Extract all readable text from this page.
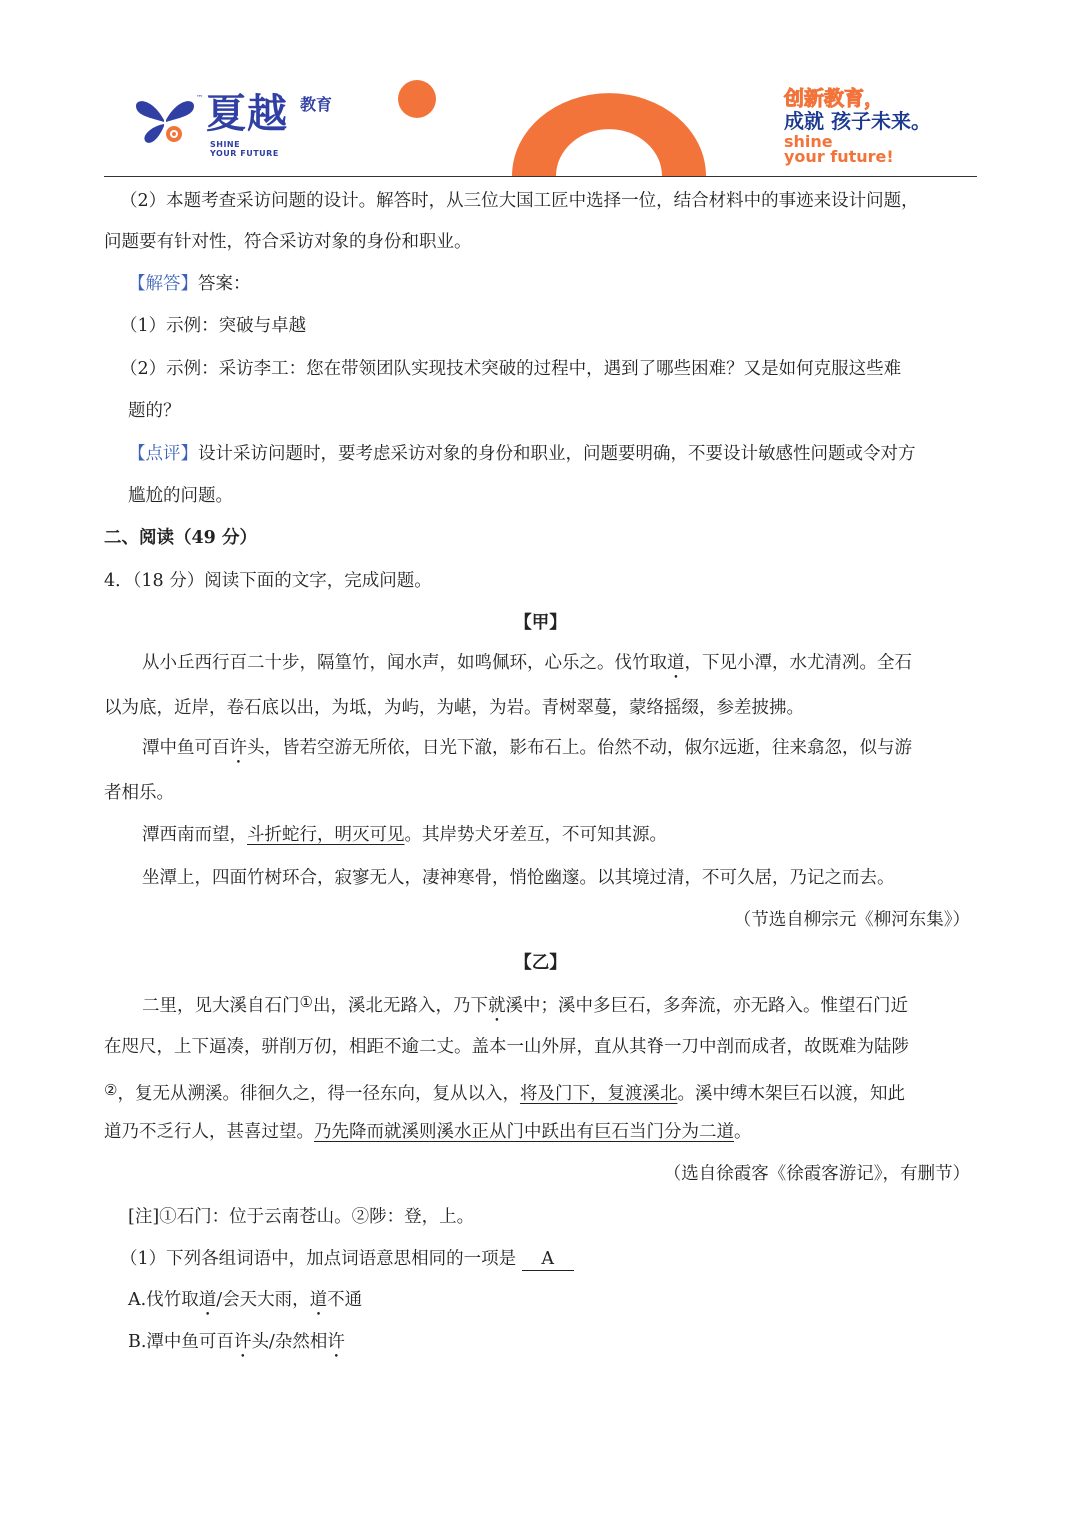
™ 夏越 教育
SHINE
YOUR FUTURE
创新教育，
成就 孩子未来。
shine
your future!
（2）本题考查采访问题的设计。解答时，从三位大国工匠中选择一位，结合材料中的事迹来设计问题，
问题要有针对性，符合采访对象的身份和职业。
【解答】答案：
（1）示例：突破与卓越
（2）示例：采访李工：您在带领团队实现技术突破的过程中，遇到了哪些困难？又是如何克服这些难
题的？
【点评】设计采访问题时，要考虑采访对象的身份和职业，问题要明确，不要设计敏感性问题或令对方
尴尬的问题。
二、阅读（49 分）
4．（18 分）阅读下面的文字，完成问题。
【甲】
从小丘西行百二十步，隔篁竹，闻水声，如鸣佩环，心乐之。伐竹取道，下见小潭，水尤清冽。全石
以为底，近岸，卷石底以出，为坻，为屿，为嵁，为岩。青树翠蔓，蒙络摇缀，参差披拂。
潭中鱼可百许头，皆若空游无所依，日光下澈，影布石上。佁然不动，俶尔远逝，往来翕忽，似与游
者相乐。
潭西南而望，斗折蛇行，明灭可见。其岸势犬牙差互，不可知其源。
坐潭上，四面竹树环合，寂寥无人，凄神寒骨，悄怆幽邃。以其境过清，不可久居，乃记之而去。
（节选自柳宗元《柳河东集》）
【乙】
二里，见大溪自石门①出，溪北无路入，乃下就溪中；溪中多巨石，多奔流，亦无路入。惟望石门近
在咫尺，上下逼凑，骈削万仞，相距不逾二丈。盖本一山外屏，直从其脊一刀中剖而成者，故既难为陆陟
②，复无从溯溪。徘徊久之，得一径东向，复从以入，将及门下，复渡溪北。溪中缚木架巨石以渡，知此
道乃不乏行人，甚喜过望。乃先降而就溪则溪水正从门中跃出有巨石当门分为二道。
（选自徐霞客《徐霞客游记》，有删节）
[注]①石门：位于云南苍山。②陟：登，上。
（1）下列各组词语中，加点词语意思相同的一项是 A
A.伐竹取道/会天大雨，道不通
B.潭中鱼可百许头/杂然相许
